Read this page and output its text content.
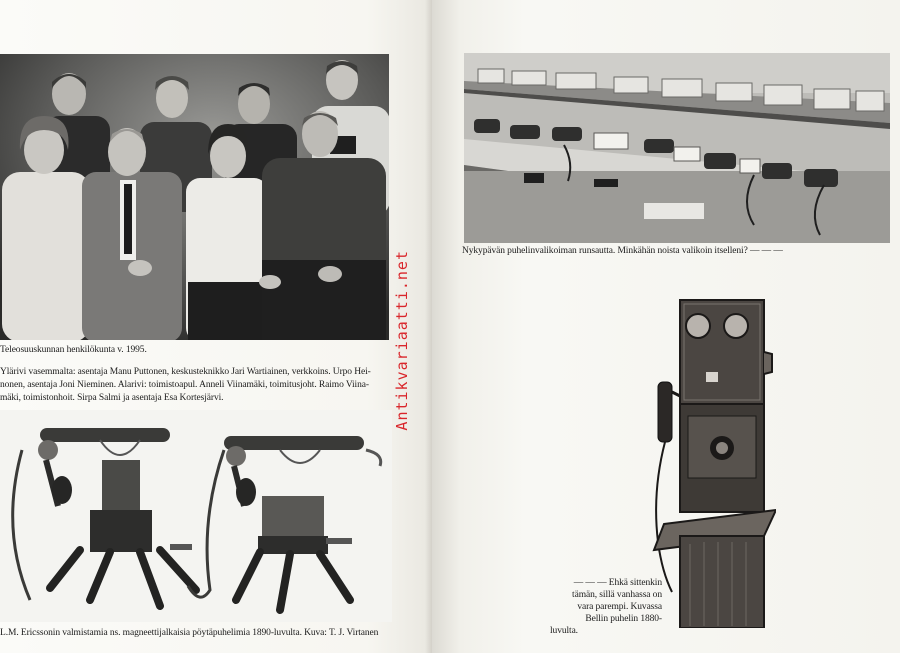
Teleosuuskunnan henkilökunta v. 1995.
Ylärivi vasemmalta: asentaja Manu Puttonen, keskusteknikko Jari Wartiainen, verkkoins. Urpo Hei-
nonen, asentaja Joni Nieminen. Alarivi: toimistoapul. Anneli Viinamäki, toimitusjoht. Raimo Viina-
mäki, toimistonhoit. Sirpa Salmi ja asentaja Esa Kortesjärvi.
L.M. Ericssonin valmistamia ns. magneettijalkaisia pöytäpuhelimia 1890-luvulta. Kuva: T. J. Virtanen
Antikvariaatti.net	Nykypävän puhelinvalikoiman runsautta. Minkähän noista valikoin itselleni? — — —
— — — Ehkä sittenkin
tämän, sillä vanhassa on
vara parempi. Kuvassa
Bellin puhelin 1880-
luvulta.
